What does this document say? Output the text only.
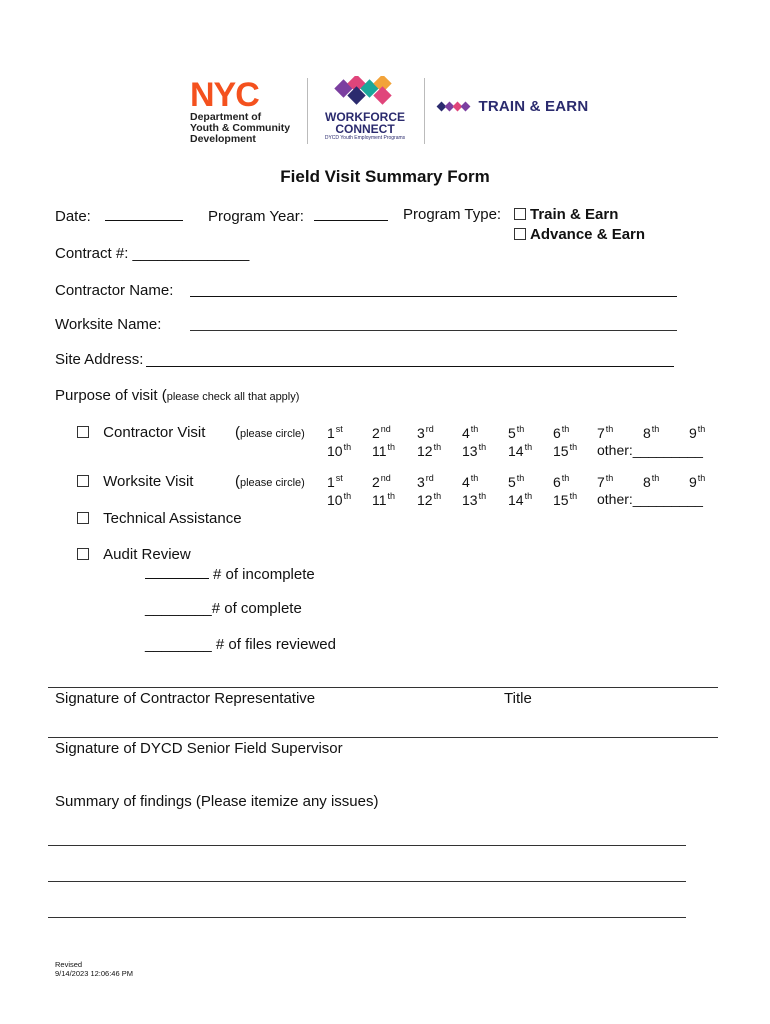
NYC
Department of
Youth & Community
Development
WORKFORCE
CONNECT
DYCD Youth Employment Programs
TRAIN & EARN
Field Visit Summary Form
Date:	Program Year:	Program Type:	Train & Earn
Advance & Earn
Contract #: ______________
Contractor Name:
Worksite Name:
Site Address:
Purpose of visit (please check all that apply)
Contractor Visit (please circle) 1st 2nd 3rd 4th 5th 6th 7th 8th 9th
10th 11th 12th 13th 14th 15th other:_________
Worksite Visit	(please circle) 1st 2nd 3rd 4th 5th 6th 7th 8th 9th
10th 11th 12th 13th 14th 15th other:_________
Technical Assistance
Audit Review
# of incomplete
________# of complete
________ # of files reviewed
Signature of Contractor Representative	Title
Signature of DYCD Senior Field Supervisor
Summary of findings (Please itemize any issues)
Revised
9/14/2023 12:06:46 PM
